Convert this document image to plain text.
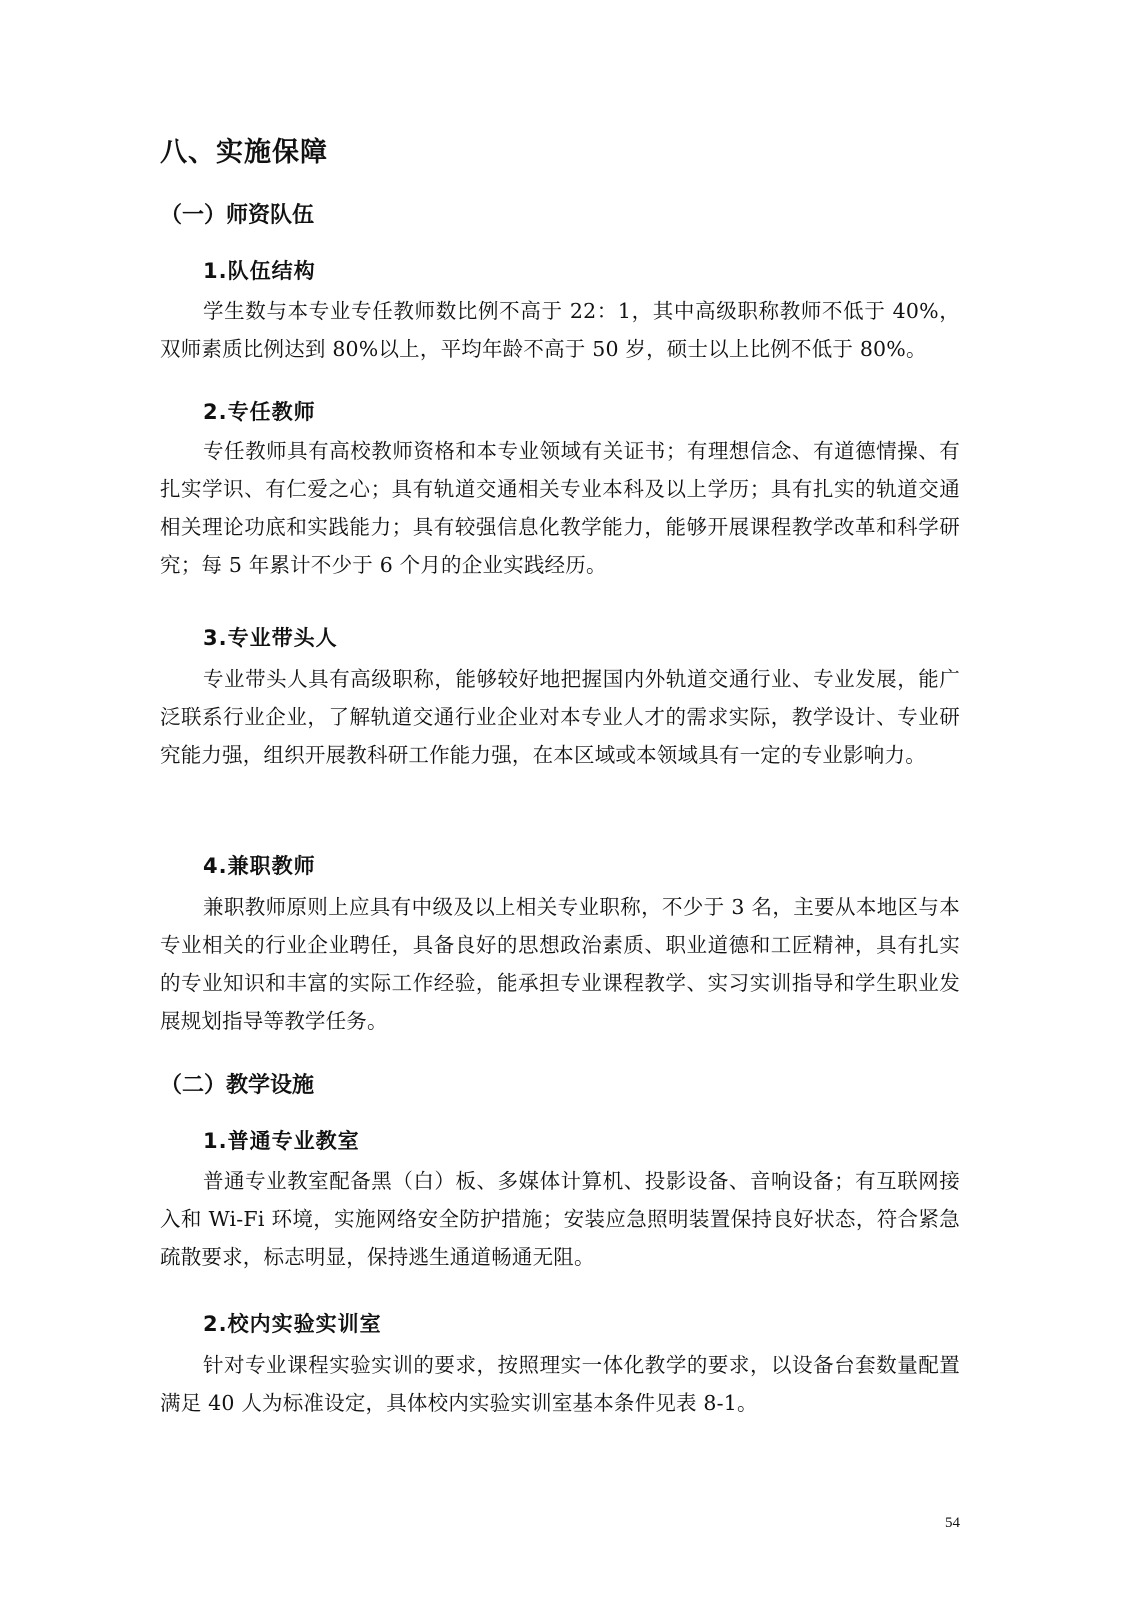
八、实施保障
（一）师资队伍
1.队伍结构

学生数与本专业专任教师数比例不高于 22：1，其中高级职称教师不低于 40%，双师素质比例达到 80%以上，平均年龄不高于 50 岁，硕士以上比例不低于 80%。

2.专任教师

专任教师具有高校教师资格和本专业领域有关证书；有理想信念、有道德情操、有扎实学识、有仁爱之心；具有轨道交通相关专业本科及以上学历；具有扎实的轨道交通相关理论功底和实践能力；具有较强信息化教学能力，能够开展课程教学改革和科学研究；每 5 年累计不少于 6 个月的企业实践经历。

3.专业带头人

专业带头人具有高级职称，能够较好地把握国内外轨道交通行业、专业发展，能广泛联系行业企业，了解轨道交通行业企业对本专业人才的需求实际，教学设计、专业研究能力强，组织开展教科研工作能力强，在本区域或本领域具有一定的专业影响力。

4.兼职教师

兼职教师原则上应具有中级及以上相关专业职称，不少于 3 名，主要从本地区与本专业相关的行业企业聘任，具备良好的思想政治素质、职业道德和工匠精神，具有扎实的专业知识和丰富的实际工作经验，能承担专业课程教学、实习实训指导和学生职业发展规划指导等教学任务。

（二）教学设施
1.普通专业教室

普通专业教室配备黑（白）板、多媒体计算机、投影设备、音响设备；有互联网接入和 Wi-Fi 环境，实施网络安全防护措施；安装应急照明装置保持良好状态，符合紧急疏散要求，标志明显，保持逃生通道畅通无阻。

2.校内实验实训室

针对专业课程实验实训的要求，按照理实一体化教学的要求，以设备台套数量配置满足 40 人为标准设定，具体校内实验实训室基本条件见表 8-1。

54
